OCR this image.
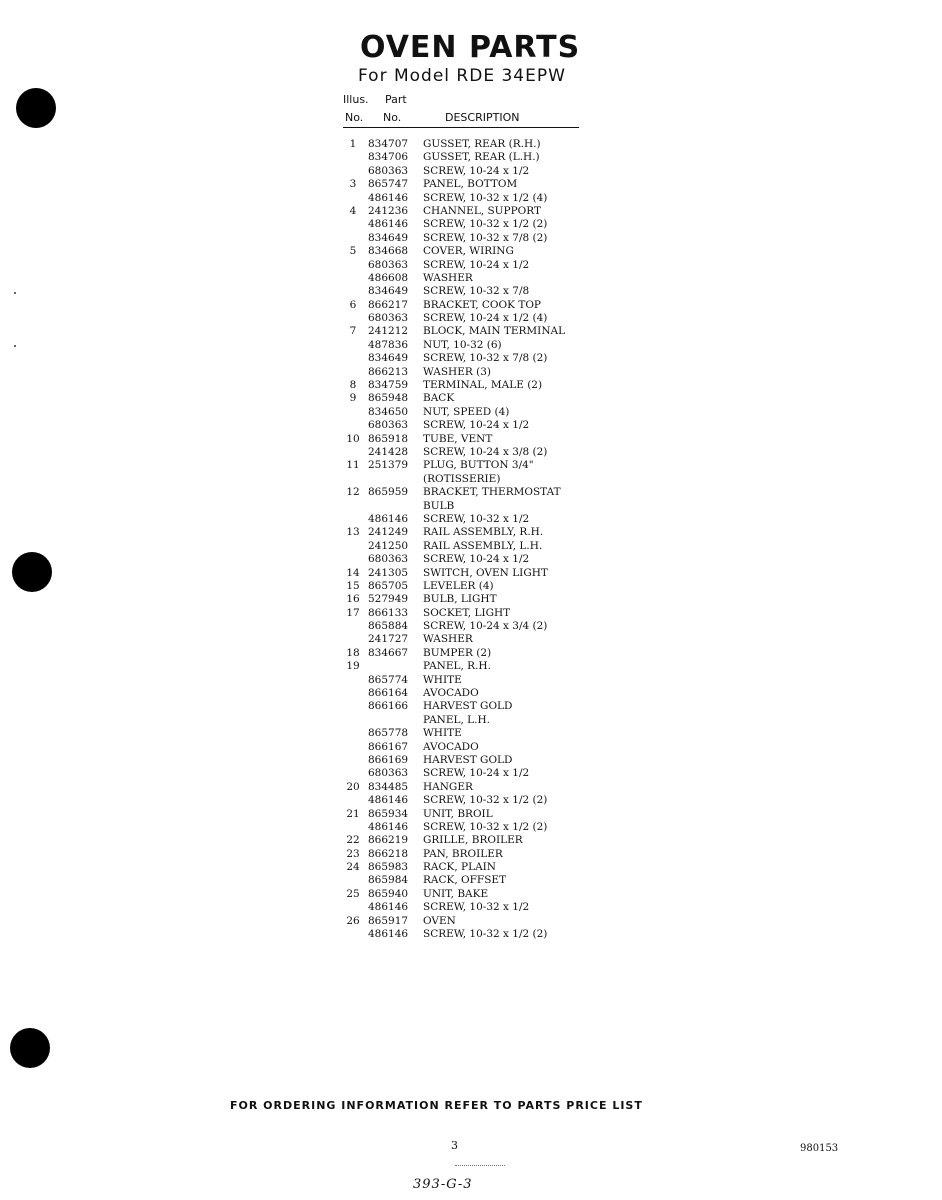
OVEN PARTS
For Model RDE 34EPW
Illus. Part
No. No.	DESCRIPTION
1	834707 GUSSET, REAR (R.H.)
834706 GUSSET, REAR (L.H.)
680363 SCREW, 10-24 x 1/2
3	865747 PANEL, BOTTOM
486146 SCREW, 10-32 x 1/2 (4)
4	241236 CHANNEL, SUPPORT
486146 SCREW, 10-32 x 1/2 (2)
834649 SCREW, 10-32 x 7/8 (2)
5	834668 COVER, WIRING
680363 SCREW, 10-24 x 1/2
486608 WASHER
834649 SCREW, 10-32 x 7/8
6	866217 BRACKET, COOK TOP
680363 SCREW, 10-24 x 1/2 (4)
7	241212 BLOCK, MAIN TERMINAL
487836 NUT, 10-32 (6)
834649 SCREW, 10-32 x 7/8 (2)
866213 WASHER (3)
8	834759 TERMINAL, MALE (2)
9	865948 BACK
834650 NUT, SPEED (4)
680363 SCREW, 10-24 x 1/2
10 865918 TUBE, VENT
241428 SCREW, 10-24 x 3/8 (2)
11 251379 PLUG, BUTTON 3/4"
(ROTISSERIE)
12 865959 BRACKET, THERMOSTAT
BULB
486146 SCREW, 10-32 x 1/2
13 241249 RAIL ASSEMBLY, R.H.
241250 RAIL ASSEMBLY, L.H.
680363 SCREW, 10-24 x 1/2
14 241305 SWITCH, OVEN LIGHT
15 865705 LEVELER (4)
16 527949 BULB, LIGHT
17 866133 SOCKET, LIGHT
865884 SCREW, 10-24 x 3/4 (2)
241727 WASHER
18 834667 BUMPER (2)
19	PANEL, R.H.
865774 WHITE
866164 AVOCADO
866166 HARVEST GOLD
PANEL, L.H.
865778 WHITE
866167 AVOCADO
866169 HARVEST GOLD
680363 SCREW, 10-24 x 1/2
20 834485 HANGER
486146 SCREW, 10-32 x 1/2 (2)
21 865934 UNIT, BROIL
486146 SCREW, 10-32 x 1/2 (2)
22 866219 GRILLE, BROILER
23 866218 PAN, BROILER
24 865983 RACK, PLAIN
865984 RACK, OFFSET
25 865940 UNIT, BAKE
486146 SCREW, 10-32 x 1/2
26 865917 OVEN
486146 SCREW, 10-32 x 1/2 (2)
FOR ORDERING INFORMATION REFER TO PARTS PRICE LIST
3	980153
393-G-3
